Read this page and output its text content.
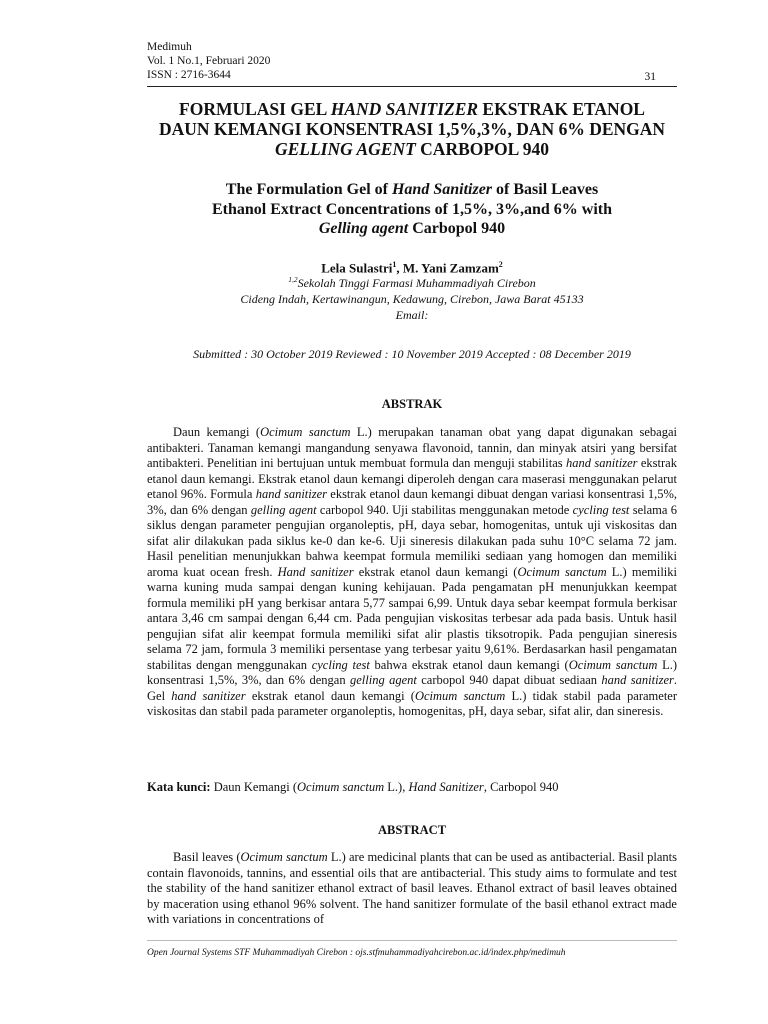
Medimuh
Vol. 1 No.1, Februari 2020
ISSN : 2716-3644	31
FORMULASI GEL HAND SANITIZER EKSTRAK ETANOL
DAUN KEMANGI KONSENTRASI 1,5%,3%, DAN 6% DENGAN
GELLING AGENT CARBOPOL 940
The Formulation Gel of Hand Sanitizer of Basil Leaves
Ethanol Extract Concentrations of 1,5%, 3%,and 6% with
Gelling agent Carbopol 940
Lela Sulastri$^1$, M. Yani Zamzam$^2$
$^{1,2}$Sekolah Tinggi Farmasi Muhammadiyah Cirebon
Cideng Indah, Kertawinangun, Kedawung, Cirebon, Jawa Barat 45133
Email:
Submitted : 30 October 2019 Reviewed : 10 November 2019 Accepted : 08 December 2019
ABSTRAK

Daun kemangi (Ocimum sanctum L.) merupakan tanaman obat yang dapat digunakan sebagai antibakteri. Tanaman kemangi mangandung senyawa flavonoid, tannin, dan minyak atsiri yang bersifat antibakteri. Penelitian ini bertujuan untuk membuat formula dan menguji stabilitas hand sanitizer ekstrak etanol daun kemangi. Ekstrak etanol daun kemangi diperoleh dengan cara maserasi menggunakan pelarut etanol 96%. Formula hand sanitizer ekstrak etanol daun kemangi dibuat dengan variasi konsentrasi 1,5%, 3%, dan 6% dengan gelling agent carbopol 940. Uji stabilitas menggunakan metode cycling test selama 6 siklus dengan parameter pengujian organoleptis, pH, daya sebar, homogenitas, untuk uji viskositas dan sifat alir dilakukan pada siklus ke-0 dan ke-6. Uji sineresis dilakukan pada suhu 10°C selama 72 jam. Hasil penelitian menunjukkan bahwa keempat formula memiliki sediaan yang homogen dan memiliki aroma kuat ocean fresh. Hand sanitizer ekstrak etanol daun kemangi (Ocimum sanctum L.) memiliki warna kuning muda sampai dengan kuning kehijauan. Pada pengamatan pH menunjukkan keempat formula memiliki pH yang berkisar antara 5,77 sampai 6,99. Untuk daya sebar keempat formula berkisar antara 3,46 cm sampai dengan 6,44 cm. Pada pengujian viskositas terbesar ada pada basis. Untuk hasil pengujian sifat alir keempat formula memiliki sifat alir plastis tiksotropik. Pada pengujian sineresis selama 72 jam, formula 3 memiliki persentase yang terbesar yaitu 9,61%. Berdasarkan hasil pengamatan stabilitas dengan menggunakan cycling test bahwa ekstrak etanol daun kemangi (Ocimum sanctum L.) konsentrasi 1,5%, 3%, dan 6% dengan gelling agent carbopol 940 dapat dibuat sediaan hand sanitizer. Gel hand sanitizer ekstrak etanol daun kemangi (Ocimum sanctum L.) tidak stabil pada parameter viskositas dan stabil pada parameter organoleptis, homogenitas, pH, daya sebar, sifat alir, dan sineresis.

Kata kunci: Daun Kemangi (Ocimum sanctum L.), Hand Sanitizer, Carbopol 940
ABSTRACT

Basil leaves (Ocimum sanctum L.) are medicinal plants that can be used as antibacterial. Basil plants contain flavonoids, tannins, and essential oils that are antibacterial. This study aims to formulate and test the stability of the hand sanitizer ethanol extract of basil leaves. Ethanol extract of basil leaves obtained by maceration using ethanol 96% solvent. The hand sanitizer formulate of the basil ethanol extract made with variations in concentrations of

Open Journal Systems STF Muhammadiyah Cirebon : ojs.stfmuhammadiyahcirebon.ac.id/index.php/medimuh
